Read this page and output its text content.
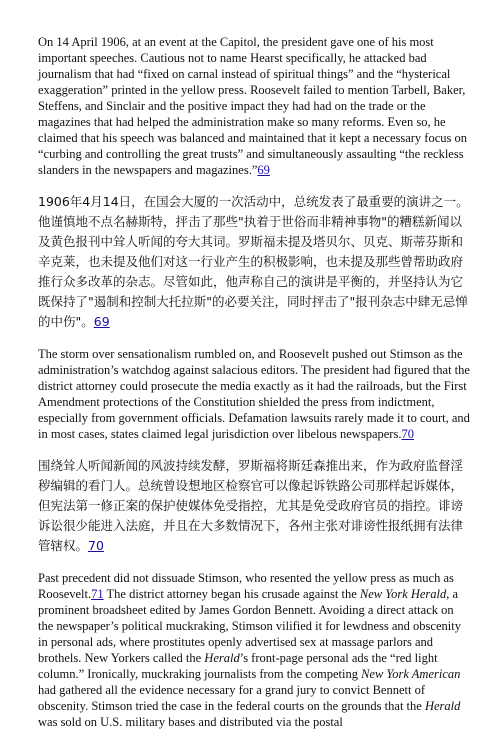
On 14 April 1906, at an event at the Capitol, the president gave one of his most important speeches. Cautious not to name Hearst specifically, he attacked bad journalism that had “fixed on carnal instead of spiritual things” and the “hysterical exaggeration” printed in the yellow press. Roosevelt failed to mention Tarbell, Baker, Steffens, and Sinclair and the positive impact they had had on the trade or the magazines that had helped the administration make so many reforms. Even so, he claimed that his speech was balanced and maintained that it kept a necessary focus on “curbing and controlling the great trusts” and simultaneously assaulting “the reckless slanders in the newspapers and magazines.”69

1906年4月14日，在国会大厦的一次活动中，总统发表了最重要的演讲之一。他谨慎地不点名赫斯特，抨击了那些"执着于世俗而非精神事物"的糟糕新闻以及黄色报刊中耸人听闻的夸大其词。罗斯福未提及塔贝尔、贝克、斯蒂芬斯和辛克莱，也未提及他们对这一行业产生的积极影响，也未提及那些曾帮助政府推行众多改革的杂志。尽管如此，他声称自己的演讲是平衡的，并坚持认为它既保持了"遏制和控制大托拉斯"的必要关注，同时抨击了"报刊杂志中肆无忌惮的中伤"。69

The storm over sensationalism rumbled on, and Roosevelt pushed out Stimson as the administration’s watchdog against salacious editors. The president had figured that the district attorney could prosecute the media exactly as it had the railroads, but the First Amendment protections of the Constitution shielded the press from indictment, especially from government officials. Defamation lawsuits rarely made it to court, and in most cases, states claimed legal jurisdiction over libelous newspapers.70

围绕耸人听闻新闻的风波持续发酵，罗斯福将斯廷森推出来，作为政府监督淫秽编辑的看门人。总统曾设想地区检察官可以像起诉铁路公司那样起诉媒体，但宪法第一修正案的保护使媒体免受指控，尤其是免受政府官员的指控。诽谤诉讼很少能进入法庭，并且在大多数情况下，各州主张对诽谤性报纸拥有法律管辖权。70

Past precedent did not dissuade Stimson, who resented the yellow press as much as Roosevelt.71 The district attorney began his crusade against the New York Herald, a prominent broadsheet edited by James Gordon Bennett. Avoiding a direct attack on the newspaper’s political muckraking, Stimson vilified it for lewdness and obscenity in personal ads, where prostitutes openly advertised sex at massage parlors and brothels. New Yorkers called the Herald’s front-page personal ads the “red light column.” Ironically, muckraking journalists from the competing New York American had gathered all the evidence necessary for a grand jury to convict Bennett of obscenity. Stimson tried the case in the federal courts on the grounds that the Herald was sold on U.S. military bases and distributed via the postal
